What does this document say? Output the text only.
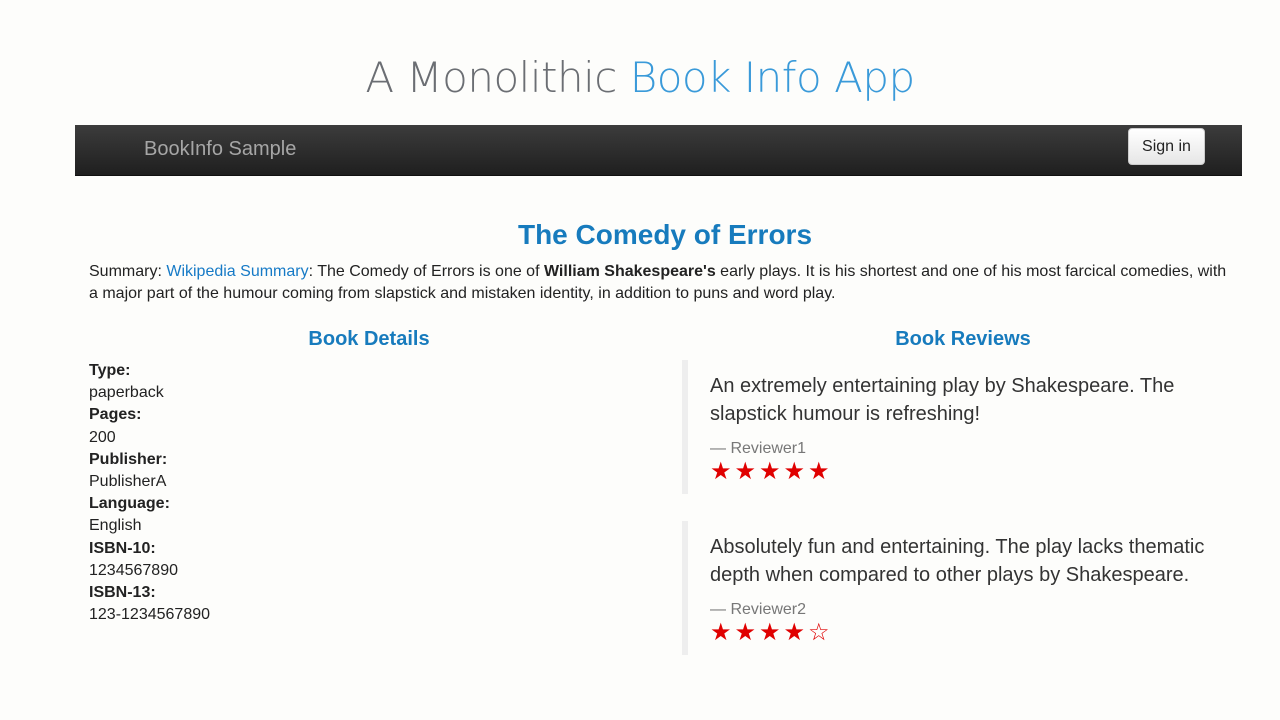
A Monolithic Book Info App
BookInfo Sample	Sign in
The Comedy of Errors

Summary: Wikipedia Summary: The Comedy of Errors is one of William Shakespeare's early plays. It is his shortest and one of his most farcical comedies, with a major part of the humour coming from slapstick and mistaken identity, in addition to puns and word play.

Book Details	Book Reviews
Type:
paperback
Pages:
200
Publisher:
PublisherA
Language:
English
ISBN-10:
1234567890
ISBN-13:
123-1234567890

An extremely entertaining play by Shakespeare. The slapstick humour is refreshing!

— Reviewer1
★ ★ ★ ★ ★

Absolutely fun and entertaining. The play lacks thematic depth when compared to other plays by Shakespeare.

— Reviewer2
★ ★ ★ ★ ☆
